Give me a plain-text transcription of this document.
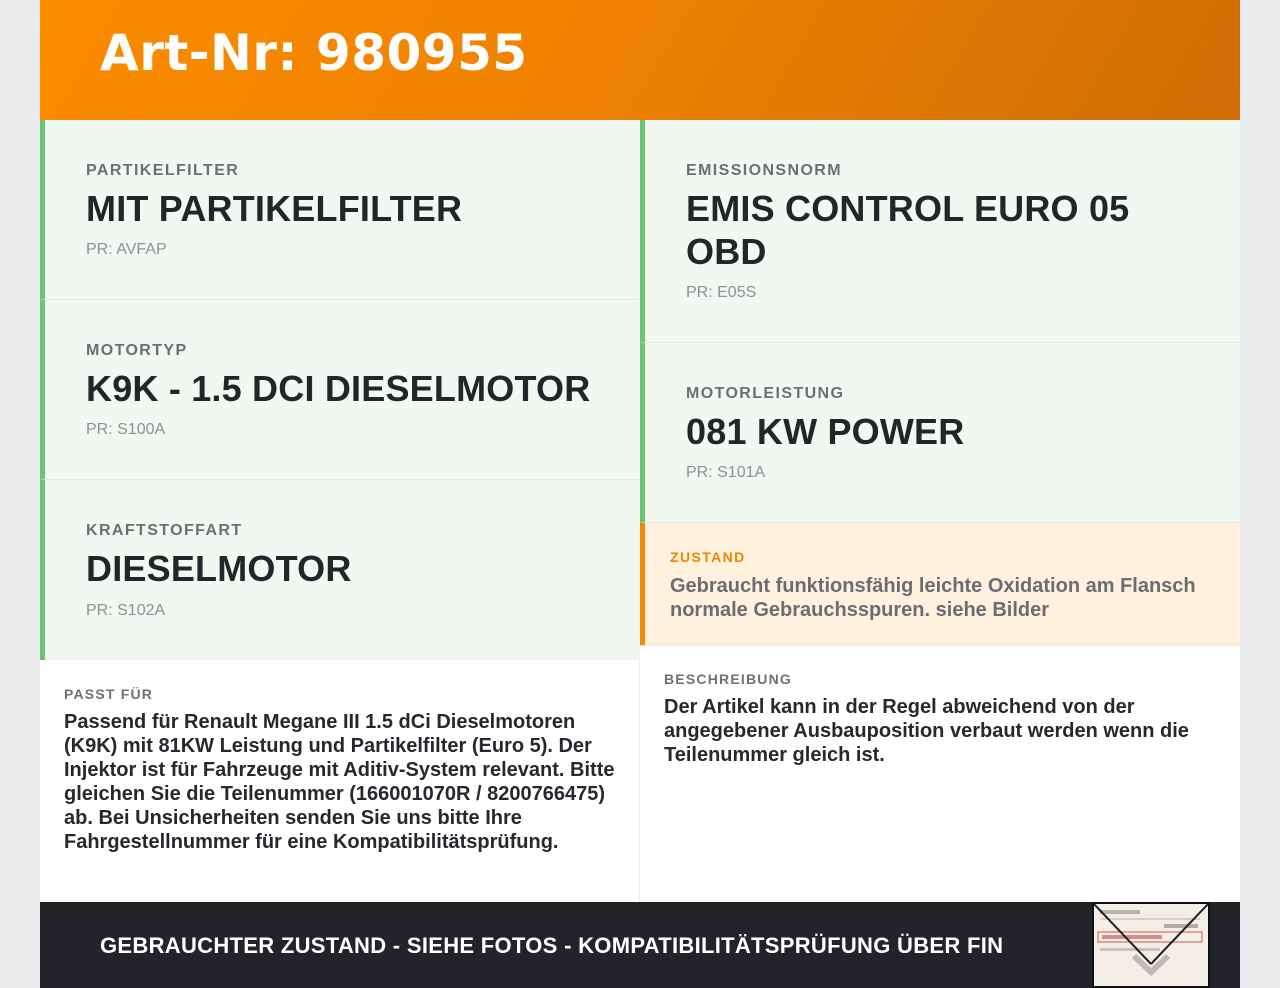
Art-Nr: 980955
PARTIKELFILTER
MIT PARTIKELFILTER
PR: AVFAP
MOTORTYP
K9K - 1.5 DCI DIESELMOTOR
PR: S100A
KRAFTSTOFFART
DIESELMOTOR
PR: S102A
EMISSIONSNORM
EMIS CONTROL EURO 05
OBD
PR: E05S
MOTORLEISTUNG
081 KW POWER
PR: S101A
ZUSTAND
Gebraucht funktionsfähig leichte Oxidation am Flansch normale Gebrauchsspuren. siehe Bilder
PASST FÜR
Passend für Renault Megane III 1.5 dCi Dieselmotoren (K9K) mit 81KW Leistung und Partikelfilter (Euro 5). Der Injektor ist für Fahrzeuge mit Aditiv-System relevant. Bitte gleichen Sie die Teilenummer (166001070R / 8200766475) ab. Bei Unsicherheiten senden Sie uns bitte Ihre Fahrgestellnummer für eine Kompatibilitätsprüfung.
BESCHREIBUNG
Der Artikel kann in der Regel abweichend von der angegebener Ausbauposition verbaut werden wenn die Teilenummer gleich ist.
GEBRAUCHTER ZUSTAND - SIEHE FOTOS - KOMPATIBILITÄTSPRÜFUNG ÜBER FIN
